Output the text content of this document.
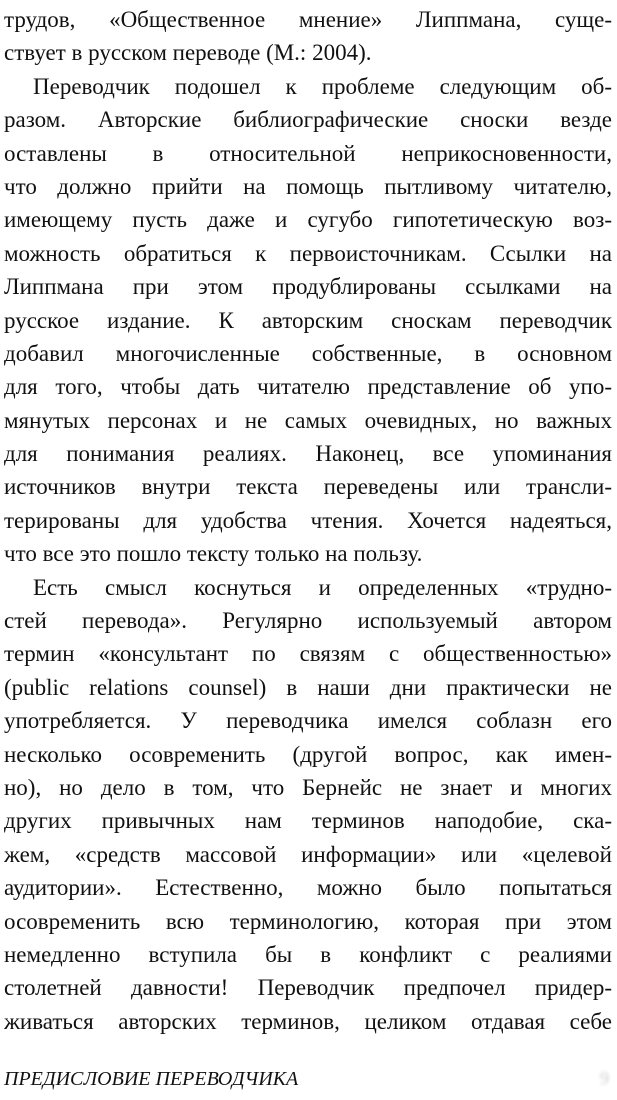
трудов, «Общественное мнение» Липпмана, суще-
ствует в русском переводе (М.: 2004).
Переводчик подошел к проблеме следующим об-
разом. Авторские библиографические сноски везде
оставлены в относительной неприкосновенности,
что должно прийти на помощь пытливому читателю,
имеющему пусть даже и сугубо гипотетическую воз-
можность обратиться к первоисточникам. Ссылки на
Липпмана при этом продублированы ссылками на
русское издание. К авторским сноскам переводчик
добавил многочисленные собственные, в основном
для того, чтобы дать читателю представление об упо-
мянутых персонах и не самых очевидных, но важных
для понимания реалиях. Наконец, все упоминания
источников внутри текста переведены или трансли-
терированы для удобства чтения. Хочется надеяться,
что все это пошло тексту только на пользу.
Есть смысл коснуться и определенных «трудно-
стей перевода». Регулярно используемый автором
термин «консультант по связям с общественностью»
(public relations counsel) в наши дни практически не
употребляется. У переводчика имелся соблазн его
несколько осовременить (другой вопрос, как имен-
но), но дело в том, что Бернейс не знает и многих
других привычных нам терминов наподобие, ска-
жем, «средств массовой информации» или «целевой
аудитории». Естественно, можно было попытаться
осовременить всю терминологию, которая при этом
немедленно вступила бы в конфликт с реалиями
столетней давности! Переводчик предпочел придер-
живаться авторских терминов, целиком отдавая себе
ПРЕДИСЛОВИЕ ПЕРЕВОДЧИКА	9
